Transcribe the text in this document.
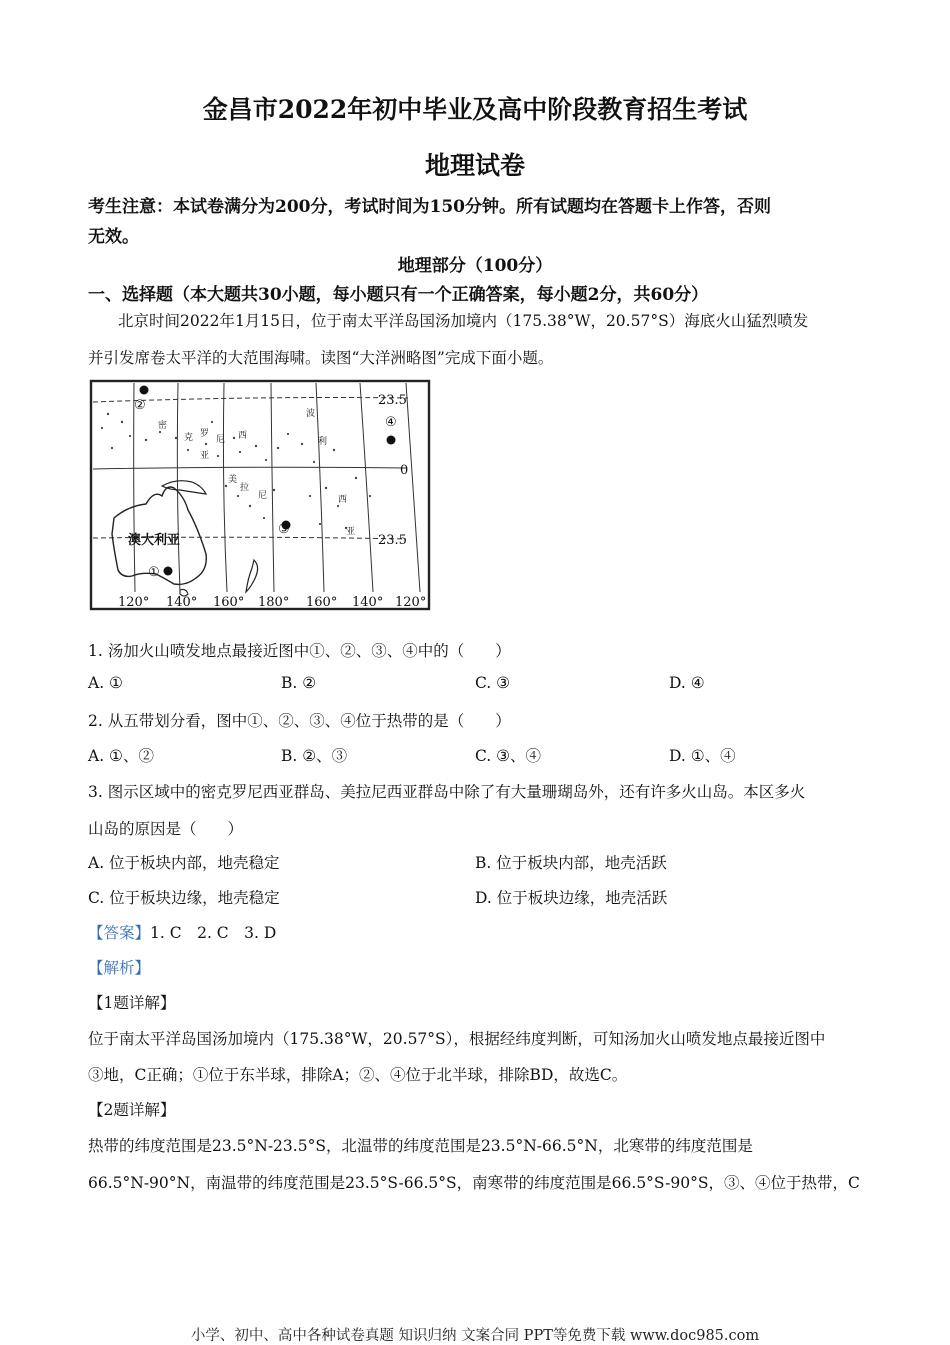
金昌市2022年初中毕业及高中阶段教育招生考试
地理试卷
考生注意：本试卷满分为200分，考试时间为150分钟。所有试题均在答题卡上作答，否则
无效。
地理部分（100分）
一、选择题（本大题共30小题，每小题只有一个正确答案，每小题2分，共60分）
北京时间2022年1月15日，位于南太平洋岛国汤加境内（175.38°W，20.57°S）海底火山猛烈喷发
并引发席卷太平洋的大范围海啸。读图“大洋洲略图”完成下面小题。
密
克 罗
尼 西
亚
波
利
美
拉
尼	西
亚
澳大利亚
23.5
0
23.5
②
④
③
①
120° 140° 160° 180° 160° 140° 120°
1. 汤加火山喷发地点最接近图中①、②、③、④中的（　　）
A. ①	B. ②	C. ③	D. ④
2. 从五带划分看，图中①、②、③、④位于热带的是（　　）
A. ①、②	B. ②、③	C. ③、④	D. ①、④
3. 图示区域中的密克罗尼西亚群岛、美拉尼西亚群岛中除了有大量珊瑚岛外，还有许多火山岛。本区多火
山岛的原因是（　　）
A. 位于板块内部，地壳稳定	B. 位于板块内部，地壳活跃
C. 位于板块边缘，地壳稳定	D. 位于板块边缘，地壳活跃
【答案】1. C　2. C　3. D
【解析】
【1题详解】
位于南太平洋岛国汤加境内（175.38°W，20.57°S），根据经纬度判断，可知汤加火山喷发地点最接近图中
③地，C正确；①位于东半球，排除A；②、④位于北半球，排除BD，故选C。
【2题详解】
热带的纬度范围是23.5°N-23.5°S，北温带的纬度范围是23.5°N-66.5°N，北寒带的纬度范围是
66.5°N-90°N，南温带的纬度范围是23.5°S-66.5°S，南寒带的纬度范围是66.5°S-90°S，③、④位于热带，C
小学、初中、高中各种试卷真题 知识归纳 文案合同 PPT等免费下载 www.doc985.com
